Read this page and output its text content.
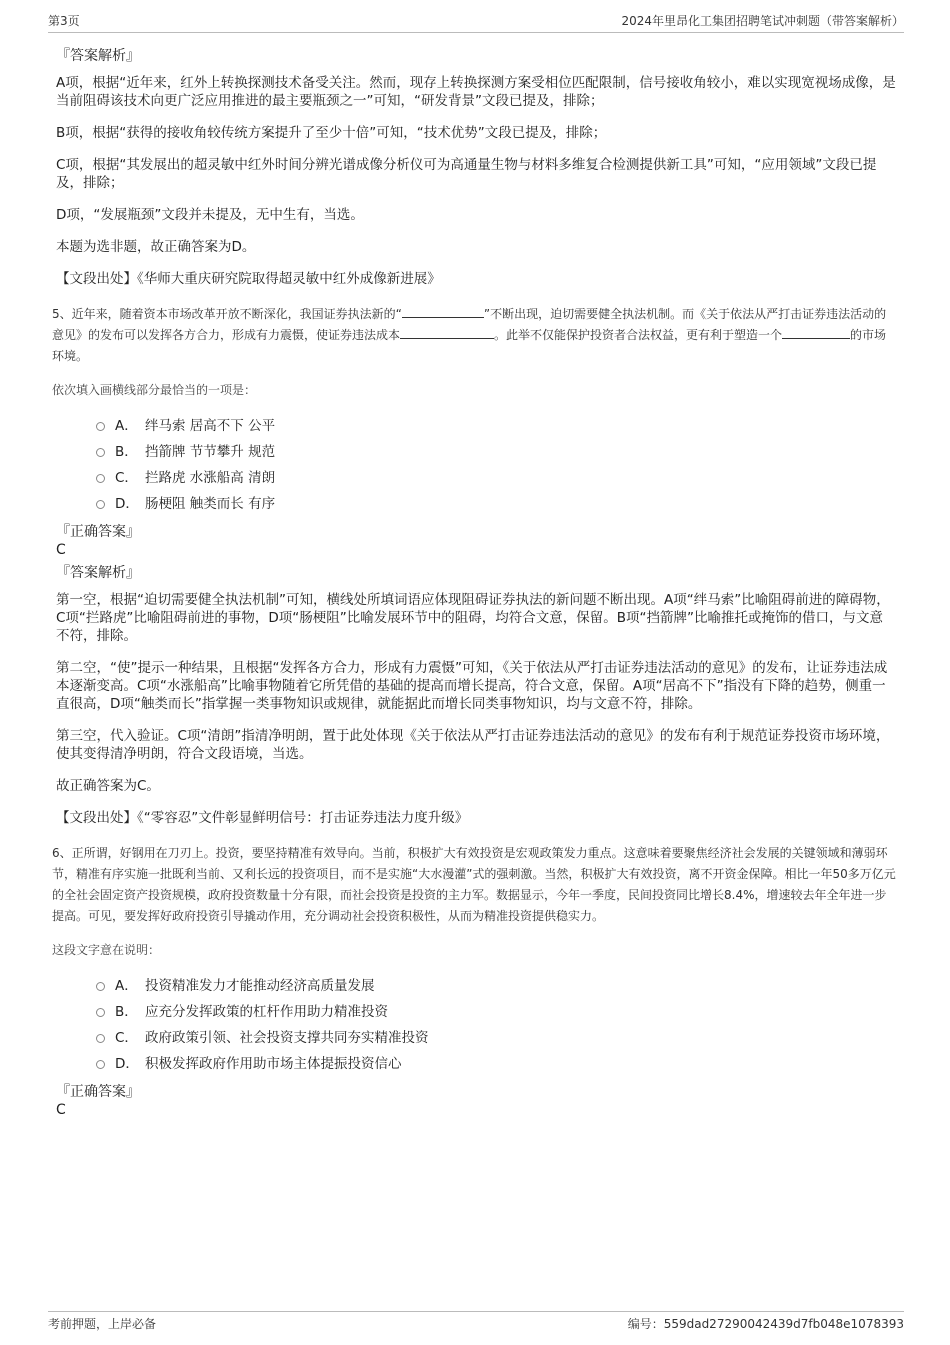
第3页	2024年里昂化工集团招聘笔试冲刺题（带答案解析）
『答案解析』

A项，根据“近年来，红外上转换探测技术备受关注。然而，现存上转换探测方案受相位匹配限制，信号接收角较小，难以实现宽视场成像，是当前阻碍该技术向更广泛应用推进的最主要瓶颈之一”可知，“研发背景”文段已提及，排除；

B项，根据“获得的接收角较传统方案提升了至少十倍”可知，“技术优势”文段已提及，排除；

C项，根据“其发展出的超灵敏中红外时间分辨光谱成像分析仪可为高通量生物与材料多维复合检测提供新工具”可知，“应用领域”文段已提及，排除；

D项，“发展瓶颈”文段并未提及，无中生有，当选。

本题为选非题，故正确答案为D。

【文段出处】《华师大重庆研究院取得超灵敏中红外成像新进展》
5、近年来，随着资本市场改革开放不断深化，我国证券执法新的“	”不断出现，迫切需要健全执法机制。而《关于依法从严打击证券违法活动的意见》的发布可以发挥各方合力，形成有力震慑，使证券违法成本	。此举不仅能保护投资者合法权益，更有利于塑造一个	的市场环境。
依次填入画横线部分最恰当的一项是：
A． 绊马索 居高不下 公平
B． 挡箭牌 节节攀升 规范
C． 拦路虎 水涨船高 清朗
D． 肠梗阻 触类而长 有序
『正确答案』
C
『答案解析』

第一空，根据“迫切需要健全执法机制”可知，横线处所填词语应体现阻碍证券执法的新问题不断出现。A项“绊马索”比喻阻碍前进的障碍物，C项“拦路虎”比喻阻碍前进的事物，D项“肠梗阻”比喻发展环节中的阻碍，均符合文意，保留。B项“挡箭牌”比喻推托或掩饰的借口，与文意不符，排除。

第二空，“使”提示一种结果，且根据“发挥各方合力，形成有力震慑”可知，《关于依法从严打击证券违法活动的意见》的发布，让证券违法成本逐渐变高。C项“水涨船高”比喻事物随着它所凭借的基础的提高而增长提高，符合文意，保留。A项“居高不下”指没有下降的趋势，侧重一直很高，D项“触类而长”指掌握一类事物知识或规律，就能据此而增长同类事物知识，均与文意不符，排除。

第三空，代入验证。C项“清朗”指清净明朗，置于此处体现《关于依法从严打击证券违法活动的意见》的发布有利于规范证券投资市场环境，使其变得清净明朗，符合文段语境，当选。

故正确答案为C。

【文段出处】《“零容忍”文件彰显鲜明信号：打击证券违法力度升级》
6、正所谓，好钢用在刀刃上。投资，要坚持精准有效导向。当前，积极扩大有效投资是宏观政策发力重点。这意味着要聚焦经济社会发展的关键领域和薄弱环节，精准有序实施一批既利当前、又利长远的投资项目，而不是实施“大水漫灌”式的强刺激。当然，积极扩大有效投资，离不开资金保障。相比一年50多万亿元的全社会固定资产投资规模，政府投资数量十分有限，而社会投资是投资的主力军。数据显示，今年一季度，民间投资同比增长8.4%，增速较去年全年进一步提高。可见，要发挥好政府投资引导撬动作用，充分调动社会投资积极性，从而为精准投资提供稳实力。
这段文字意在说明：
A． 投资精准发力才能推动经济高质量发展
B． 应充分发挥政策的杠杆作用助力精准投资
C． 政府政策引领、社会投资支撑共同夯实精准投资
D． 积极发挥政府作用助市场主体提振投资信心
『正确答案』
C
考前押题，上岸必备	编号：559dad27290042439d7fb048e1078393
